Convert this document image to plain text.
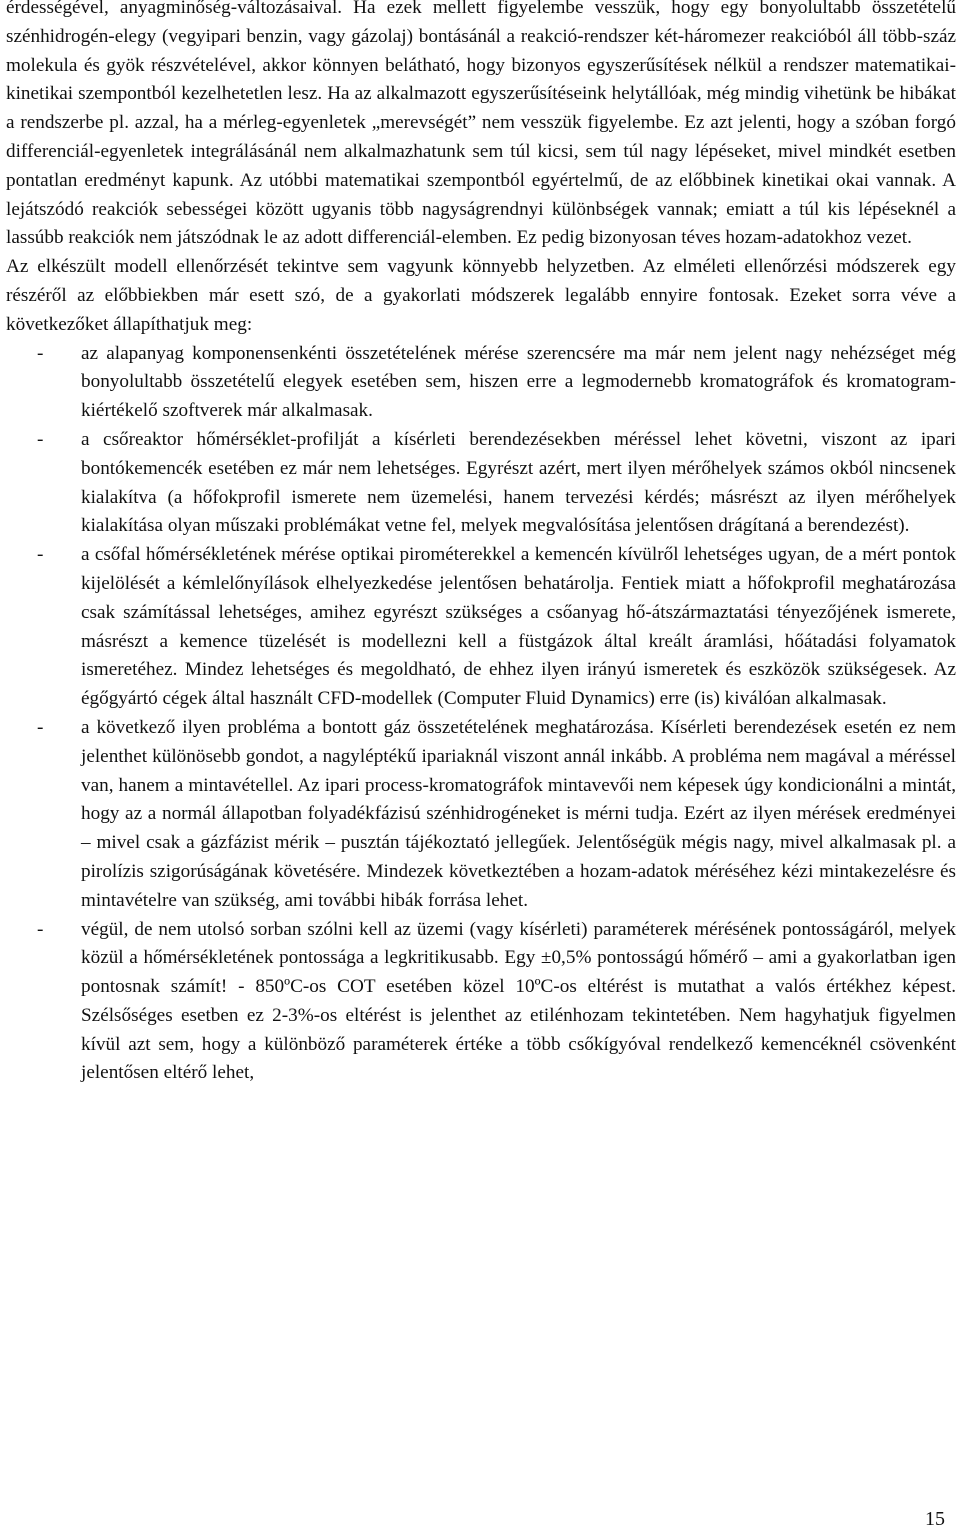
érdességével, anyagminőség-változásaival. Ha ezek mellett figyelembe vesszük, hogy egy bonyolultabb összetételű szénhidrogén-elegy (vegyipari benzin, vagy gázolaj) bontásánál a reakció-rendszer két-háromezer reakcióból áll több-száz molekula és gyök részvételével, akkor könnyen belátható, hogy bizonyos egyszerűsítések nélkül a rendszer matematikai-kinetikai szempontból kezelhetetlen lesz. Ha az alkalmazott egyszerűsítéseink helytállóak, még mindig vihetünk be hibákat a rendszerbe pl. azzal, ha a mérleg-egyenletek „merevségét” nem vesszük figyelembe. Ez azt jelenti, hogy a szóban forgó differenciál-egyenletek integrálásánál nem alkalmazhatunk sem túl kicsi, sem túl nagy lépéseket, mivel mindkét esetben pontatlan eredményt kapunk. Az utóbbi matematikai szempontból egyértelmű, de az előbbinek kinetikai okai vannak. A lejátszódó reakciók sebességei között ugyanis több nagyságrendnyi különbségek vannak; emiatt a túl kis lépéseknél a lassúbb reakciók nem játszódnak le az adott differenciál-elemben. Ez pedig bizonyosan téves hozam-adatokhoz vezet.

Az elkészült modell ellenőrzését tekintve sem vagyunk könnyebb helyzetben. Az elméleti ellenőrzési módszerek egy részéről az előbbiekben már esett szó, de a gyakorlati módszerek legalább ennyire fontosak. Ezeket sorra véve a következőket állapíthatjuk meg:

- az alapanyag komponensenkénti összetételének mérése szerencsére ma már nem jelent nagy nehézséget még bonyolultabb összetételű elegyek esetében sem, hiszen erre a legmodernebb kromatográfok és kromatogram-kiértékelő szoftverek már alkalmasak.
- a csőreaktor hőmérséklet-profilját a kísérleti berendezésekben méréssel lehet követni, viszont az ipari bontókemencék esetében ez már nem lehetséges. Egyrészt azért, mert ilyen mérőhelyek számos okból nincsenek kialakítva (a hőfokprofil ismerete nem üzemelési, hanem tervezési kérdés; másrészt az ilyen mérőhelyek kialakítása olyan műszaki problémákat vetne fel, melyek megvalósítása jelentősen drágítaná a berendezést).
- a csőfal hőmérsékletének mérése optikai pirométerekkel a kemencén kívülről lehetséges ugyan, de a mért pontok kijelölését a kémlelőnyílások elhelyezkedése jelentősen behatárolja. Fentiek miatt a hőfokprofil meghatározása csak számítással lehetséges, amihez egyrészt szükséges a csőanyag hő-átszármaztatási tényezőjének ismerete, másrészt a kemence tüzelését is modellezni kell a füstgázok által kreált áramlási, hőátadási folyamatok ismeretéhez. Mindez lehetséges és megoldható, de ehhez ilyen irányú ismeretek és eszközök szükségesek. Az égőgyártó cégek által használt CFD-modellek (Computer Fluid Dynamics) erre (is) kiválóan alkalmasak.
- a következő ilyen probléma a bontott gáz összetételének meghatározása. Kísérleti berendezések esetén ez nem jelenthet különösebb gondot, a nagyléptékű ipariaknál viszont annál inkább. A probléma nem magával a méréssel van, hanem a mintavétellel. Az ipari process-kromatográfok mintavevői nem képesek úgy kondicionálni a mintát, hogy az a normál állapotban folyadékfázisú szénhidrogéneket is mérni tudja. Ezért az ilyen mérések eredményei – mivel csak a gázfázist mérik – pusztán tájékoztató jellegűek. Jelentőségük mégis nagy, mivel alkalmasak pl. a pirolízis szigorúságának követésére. Mindezek következtében a hozam-adatok méréséhez kézi mintakezelésre és mintavételre van szükség, ami további hibák forrása lehet.
- végül, de nem utolsó sorban szólni kell az üzemi (vagy kísérleti) paraméterek mérésének pontosságáról, melyek közül a hőmérsékletének pontossága a legkritikusabb. Egy ±0,5% pontosságú hőmérő – ami a gyakorlatban igen pontosnak számít! - 850ºC-os COT esetében közel 10ºC-os eltérést is mutathat a valós értékhez képest. Szélsőséges esetben ez 2-3%-os eltérést is jelenthet az etilénhozam tekintetében. Nem hagyhatjuk figyelmen kívül azt sem, hogy a különböző paraméterek értéke a több csőkígyóval rendelkező kemencéknél csövenként jelentősen eltérő lehet,
15
